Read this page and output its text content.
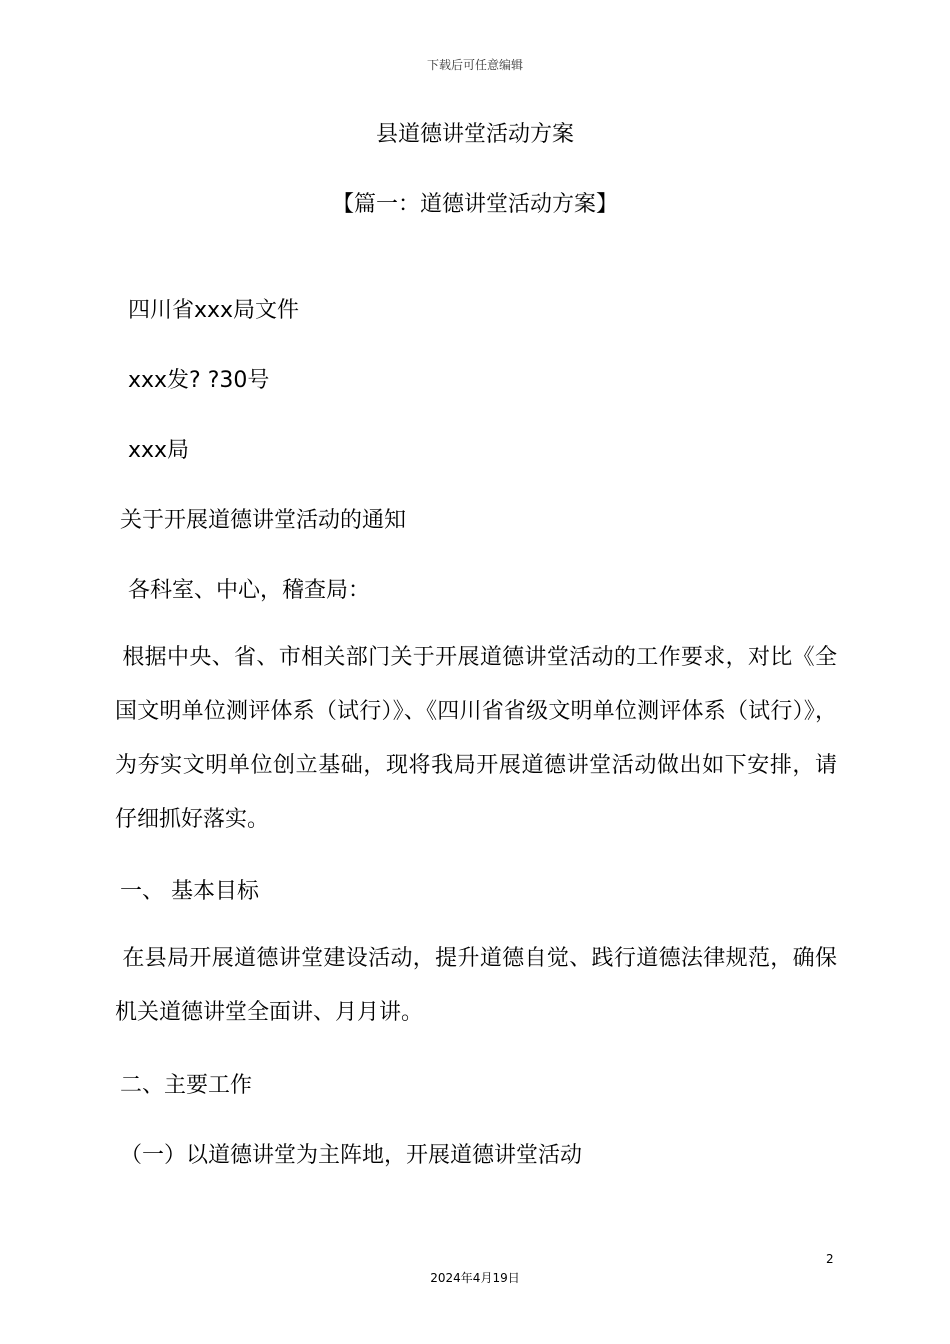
下载后可任意编辑
县道德讲堂活动方案
【篇一：道德讲堂活动方案】
四川省xxx局文件
xxx发? ?30号
xxx局
关于开展道德讲堂活动的通知
各科室、中心，稽查局：
根据中央、省、市相关部门关于开展道德讲堂活动的工作要求，对比《全国文明单位测评体系（试行）》、《四川省省级文明单位测评体系（试行）》，为夯实文明单位创立基础，现将我局开展道德讲堂活动做出如下安排，请仔细抓好落实。
一、 基本目标
在县局开展道德讲堂建设活动，提升道德自觉、践行道德法律规范，确保机关道德讲堂全面讲、月月讲。
二、主要工作
（一）以道德讲堂为主阵地，开展道德讲堂活动
2
2024年4月19日
